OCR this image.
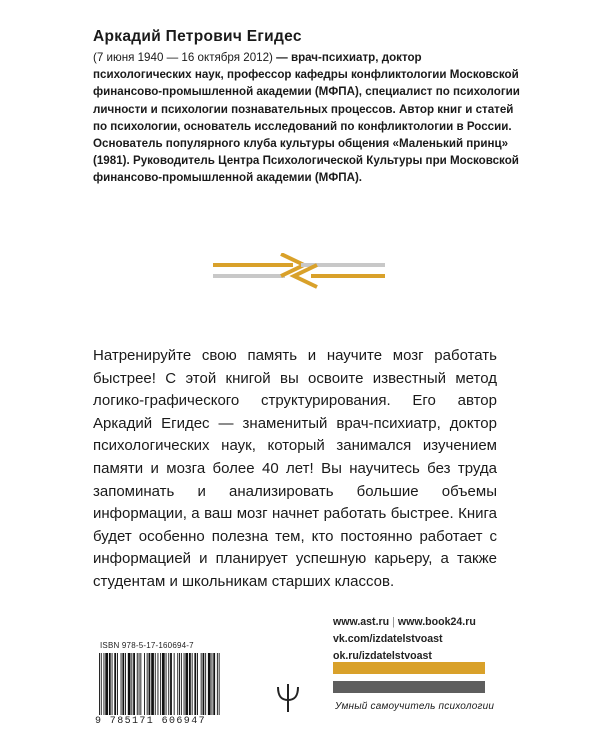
Аркадий Петрович Егидес

(7 июня 1940 — 16 октября 2012) — врач-психиатр, доктор психологических наук, профессор кафедры конфликтологии Московской финансово-промышленной академии (МФПА), специалист по психологии личности и психологии познавательных процессов. Автор книг и статей по психологии, основатель исследований по конфликтологии в России. Основатель популярного клуба культуры общения «Маленький принц» (1981). Руководитель Центра Психологической Культуры при Московской финансово-промышленной академии (МФПА).

Натренируйте свою память и научите мозг работать быстрее! С этой книгой вы освоите известный метод логико-графического структурирования. Его автор Аркадий Егидес — знаменитый врач-психиатр, доктор психологических наук, который занимался изучением памяти и мозга более 40 лет! Вы научитесь без труда запоминать и анализировать большие объемы информации, а ваш мозг начнет работать быстрее. Книга будет особенно полезна тем, кто постоянно работает с информацией и планирует успешную карьеру, а также студентам и школьникам старших классов.

www.ast.ru | www.book24.ru
vk.com/izdatelstvoast
ok.ru/izdatelstvoast
Умный самоучитель психологии
ISBN 978-5-17-160694-7
9 785171 606947
